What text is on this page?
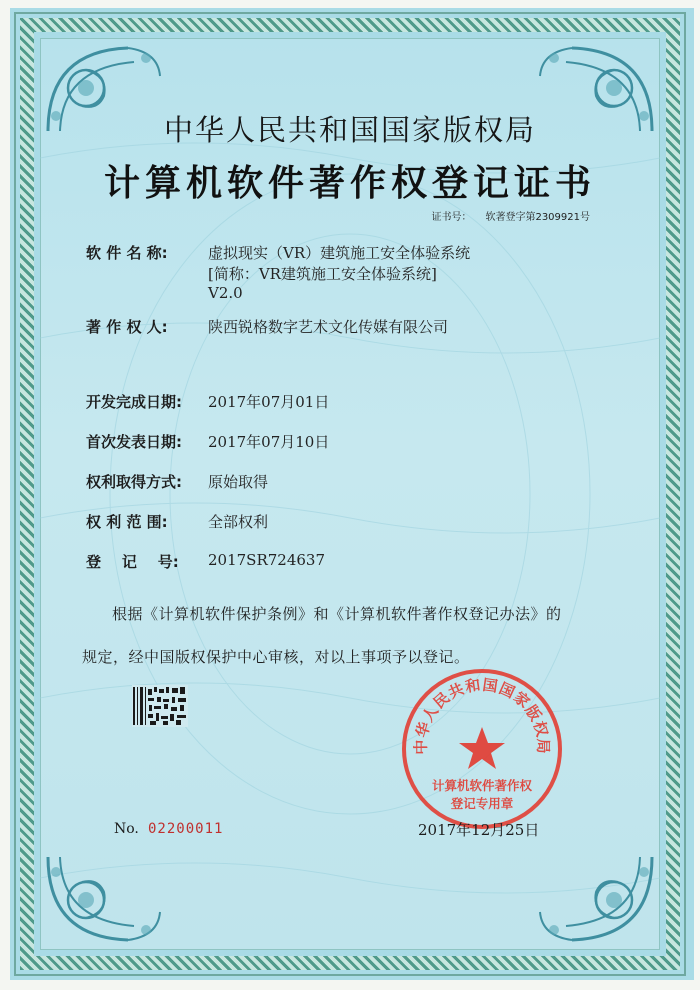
中华人民共和国国家版权局
计算机软件著作权登记证书
证书号： 软著登字第2309921号
软 件 名 称:	虚拟现实（VR）建筑施工安全体验系统
[简称：VR建筑施工安全体验系统]
V2.0
著 作 权 人:	陕西锐格数字艺术文化传媒有限公司
开发完成日期: 2017年07月01日
首次发表日期: 2017年07月10日
权利取得方式: 原始取得
权 利 范 围:	全部权利
登    记    号: 2017SR724637
根据《计算机软件保护条例》和《计算机软件著作权登记办法》的
规定，经中国版权保护中心审核，对以上事项予以登记。
中华人民共和国国家版权局
计算机软件著作权
登记专用章
No. 02200011	2017年12月25日
